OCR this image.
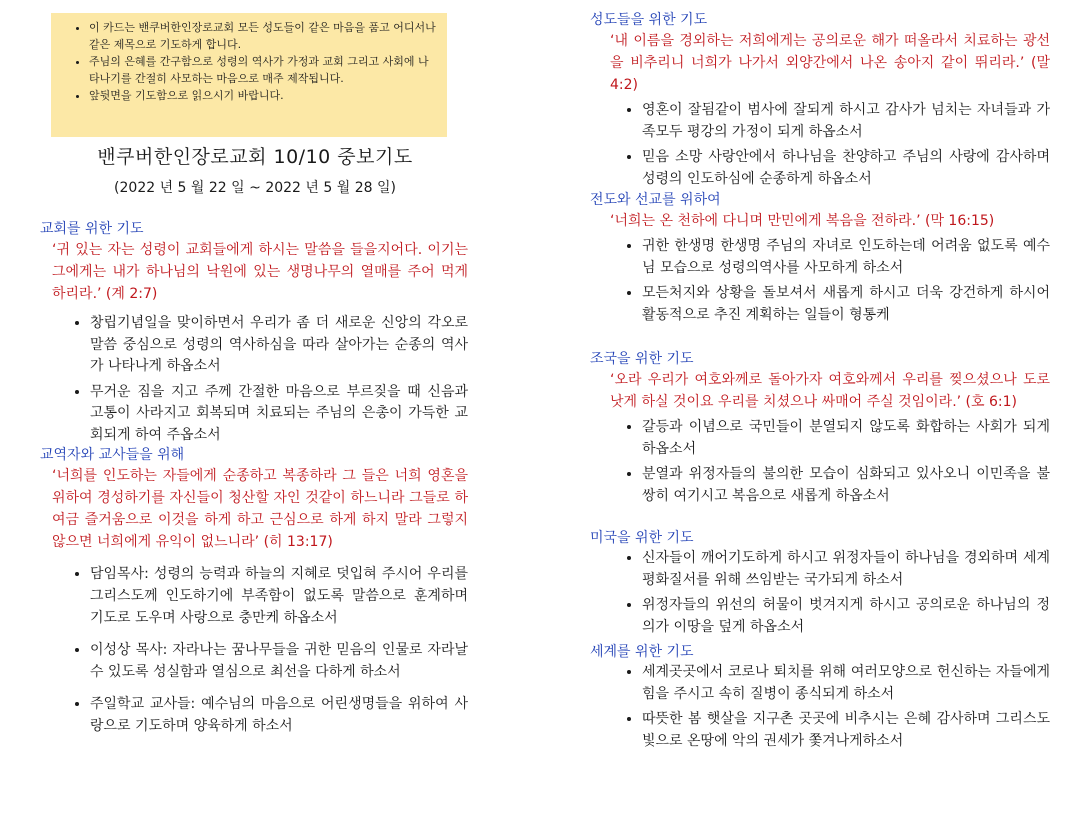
• 이 카드는 밴쿠버한인장로교회 모든 성도들이 같은 마음을 품고 어디서나 같은 제목으로 기도하게 합니다.
• 주님의 은혜를 간구함으로 성령의 역사가 가정과 교회 그리고 사회에 나타나기를 간절히 사모하는 마음으로 매주 제작됩니다.
• 앞뒷면을 기도함으로 읽으시기 바랍니다.
밴쿠버한인장로교회 10/10 중보기도
(2022 년 5 월 22 일 ~ 2022 년 5 월 28 일)

교회를 위한 기도

‘귀 있는 자는 성령이 교회들에게 하시는 말씀을 들을지어다. 이기는 그에게는 내가 하나님의 낙원에 있는 생명나무의 열매를 주어 먹게 하리라.’ (계 2:7)

• 창립기념일을 맞이하면서 우리가 좀 더 새로운 신앙의 각오로 말씀 중심으로 성령의 역사하심을 따라 살아가는 순종의 역사가 나타나게 하옵소서
• 무거운 짐을 지고 주께 간절한 마음으로 부르짖을 때 신음과 고통이 사라지고 회복되며 치료되는 주님의 은총이 가득한 교회되게 하여 주옵소서

교역자와 교사들을 위해

‘너희를 인도하는 자들에게 순종하고 복종하라 그 들은 너희 영혼을 위하여 경성하기를 자신들이 청산할 자인 것같이 하느니라 그들로 하여금 즐거움으로 이것을 하게 하고 근심으로 하게 하지 말라 그렇지 않으면 너희에게 유익이 없느니라’ (히 13:17)

• 담임목사: 성령의 능력과 하늘의 지혜로 덧입혀 주시어 우리를 그리스도께 인도하기에 부족함이 없도록 말씀으로 훈계하며 기도로 도우며 사랑으로 충만케 하옵소서
• 이성상 목사: 자라나는 꿈나무들을 귀한 믿음의 인물로 자라날수 있도록 성실함과 열심으로 최선을 다하게 하소서
• 주일학교 교사들: 예수님의 마음으로 어린생명들을 위하여 사랑으로 기도하며 양육하게 하소서

성도들을 위한 기도

‘내 이름을 경외하는 저희에게는 공의로운 해가 떠올라서 치료하는 광선을 비추리니 너희가 나가서 외양간에서 나온 송아지 같이 뛰리라.’ (말 4:2)

• 영혼이 잘됨같이 범사에 잘되게 하시고 감사가 넘치는 자녀들과 가족모두 평강의 가정이 되게 하옵소서
• 믿음 소망 사랑안에서 하나님을 찬양하고 주님의 사랑에 감사하며 성령의 인도하심에 순종하게 하옵소서

전도와 선교를 위하여

‘너희는 온 천하에 다니며 만민에게 복음을 전하라.’ (막 16:15)

• 귀한 한생명 한생명 주님의 자녀로 인도하는데 어려움 없도록 예수님 모습으로 성령의역사를 사모하게 하소서
• 모든처지와 상황을 돌보셔서 새롭게 하시고 더욱 강건하게 하시어 활동적으로 추진 계획하는 일들이 형통케

조국을 위한 기도

‘오라 우리가 여호와께로 돌아가자 여호와께서 우리를 찢으셨으나 도로 낫게 하실 것이요 우리를 치셨으나 싸매어 주실 것임이라.’ (호 6:1)

• 갈등과 이념으로 국민들이 분열되지 않도록 화합하는 사회가 되게 하옵소서
• 분열과 위정자들의 불의한 모습이 심화되고 있사오니 이민족을 불쌍히 여기시고 복음으로 새롭게 하옵소서

미국을 위한 기도

• 신자들이 깨어기도하게 하시고 위정자들이 하나님을 경외하며 세계평화질서를 위해 쓰임받는 국가되게 하소서
• 위정자들의 위선의 허물이 벗겨지게 하시고 공의로운 하나님의 정의가 이땅을 덮게 하옵소서

세계를 위한 기도

• 세계곳곳에서 코로나 퇴치를 위해 여러모양으로 헌신하는 자들에게 힘을 주시고 속히 질병이 종식되게 하소서
• 따뜻한 봄 햇살을 지구촌 곳곳에 비추시는 은혜 감사하며 그리스도빛으로 온땅에 악의 권세가 쫓겨나게하소서
